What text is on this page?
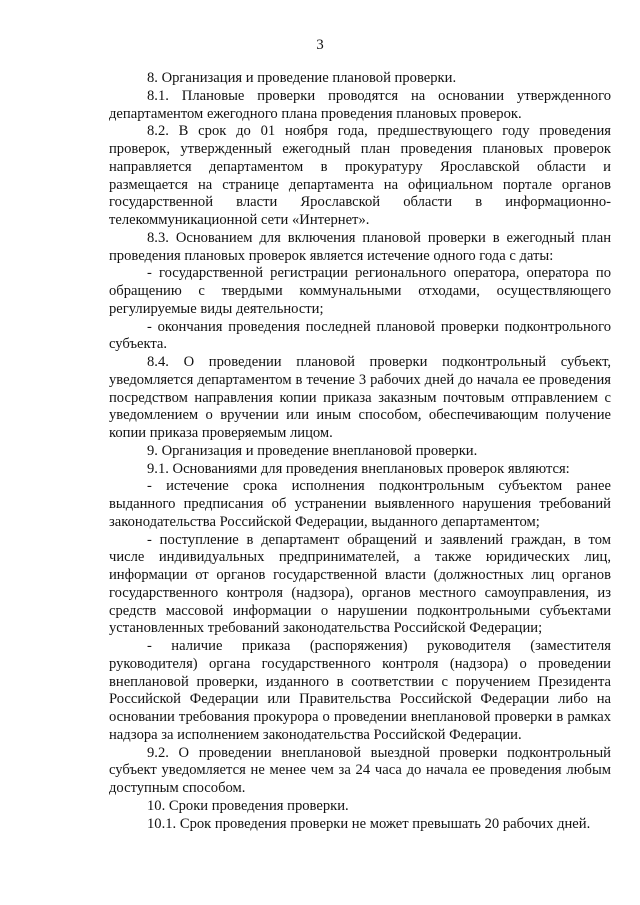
3

8. Организация и проведение плановой проверки.

8.1. Плановые проверки проводятся на основании утвержденного департаментом ежегодного плана проведения плановых проверок.

8.2. В срок до 01 ноября года, предшествующего году проведения проверок, утвержденный ежегодный план проведения плановых проверок направляется департаментом в прокуратуру Ярославской области и размещается на странице департамента на официальном портале органов государственной власти Ярославской области в информационно-телекоммуникационной сети «Интернет».

8.3. Основанием для включения плановой проверки в ежегодный план проведения плановых проверок является истечение одного года с даты:

- государственной регистрации регионального оператора, оператора по обращению с твердыми коммунальными отходами, осуществляющего регулируемые виды деятельности;

- окончания проведения последней плановой проверки подконтрольного субъекта.

8.4. О проведении плановой проверки подконтрольный субъект, уведомляется департаментом в течение 3 рабочих дней до начала ее проведения посредством направления копии приказа заказным почтовым отправлением с уведомлением о вручении или иным способом, обеспечивающим получение копии приказа проверяемым лицом.

9. Организация и проведение внеплановой проверки.

9.1. Основаниями для проведения внеплановых проверок являются:

- истечение срока исполнения подконтрольным субъектом ранее выданного предписания об устранении выявленного нарушения требований законодательства Российской Федерации, выданного департаментом;

- поступление в департамент обращений и заявлений граждан, в том числе индивидуальных предпринимателей, а также юридических лиц, информации от органов государственной власти (должностных лиц органов государственного контроля (надзора), органов местного самоуправления, из средств массовой информации о нарушении подконтрольными субъектами установленных требований законодательства Российской Федерации;

- наличие приказа (распоряжения) руководителя (заместителя руководителя) органа государственного контроля (надзора) о проведении внеплановой проверки, изданного в соответствии с поручением Президента Российской Федерации или Правительства Российской Федерации либо на основании требования прокурора о проведении внеплановой проверки в рамках надзора за исполнением законодательства Российской Федерации.

9.2. О проведении внеплановой выездной проверки подконтрольный субъект уведомляется не менее чем за 24 часа до начала ее проведения любым доступным способом.

10. Сроки проведения проверки.

10.1. Срок проведения проверки не может превышать 20 рабочих дней.
